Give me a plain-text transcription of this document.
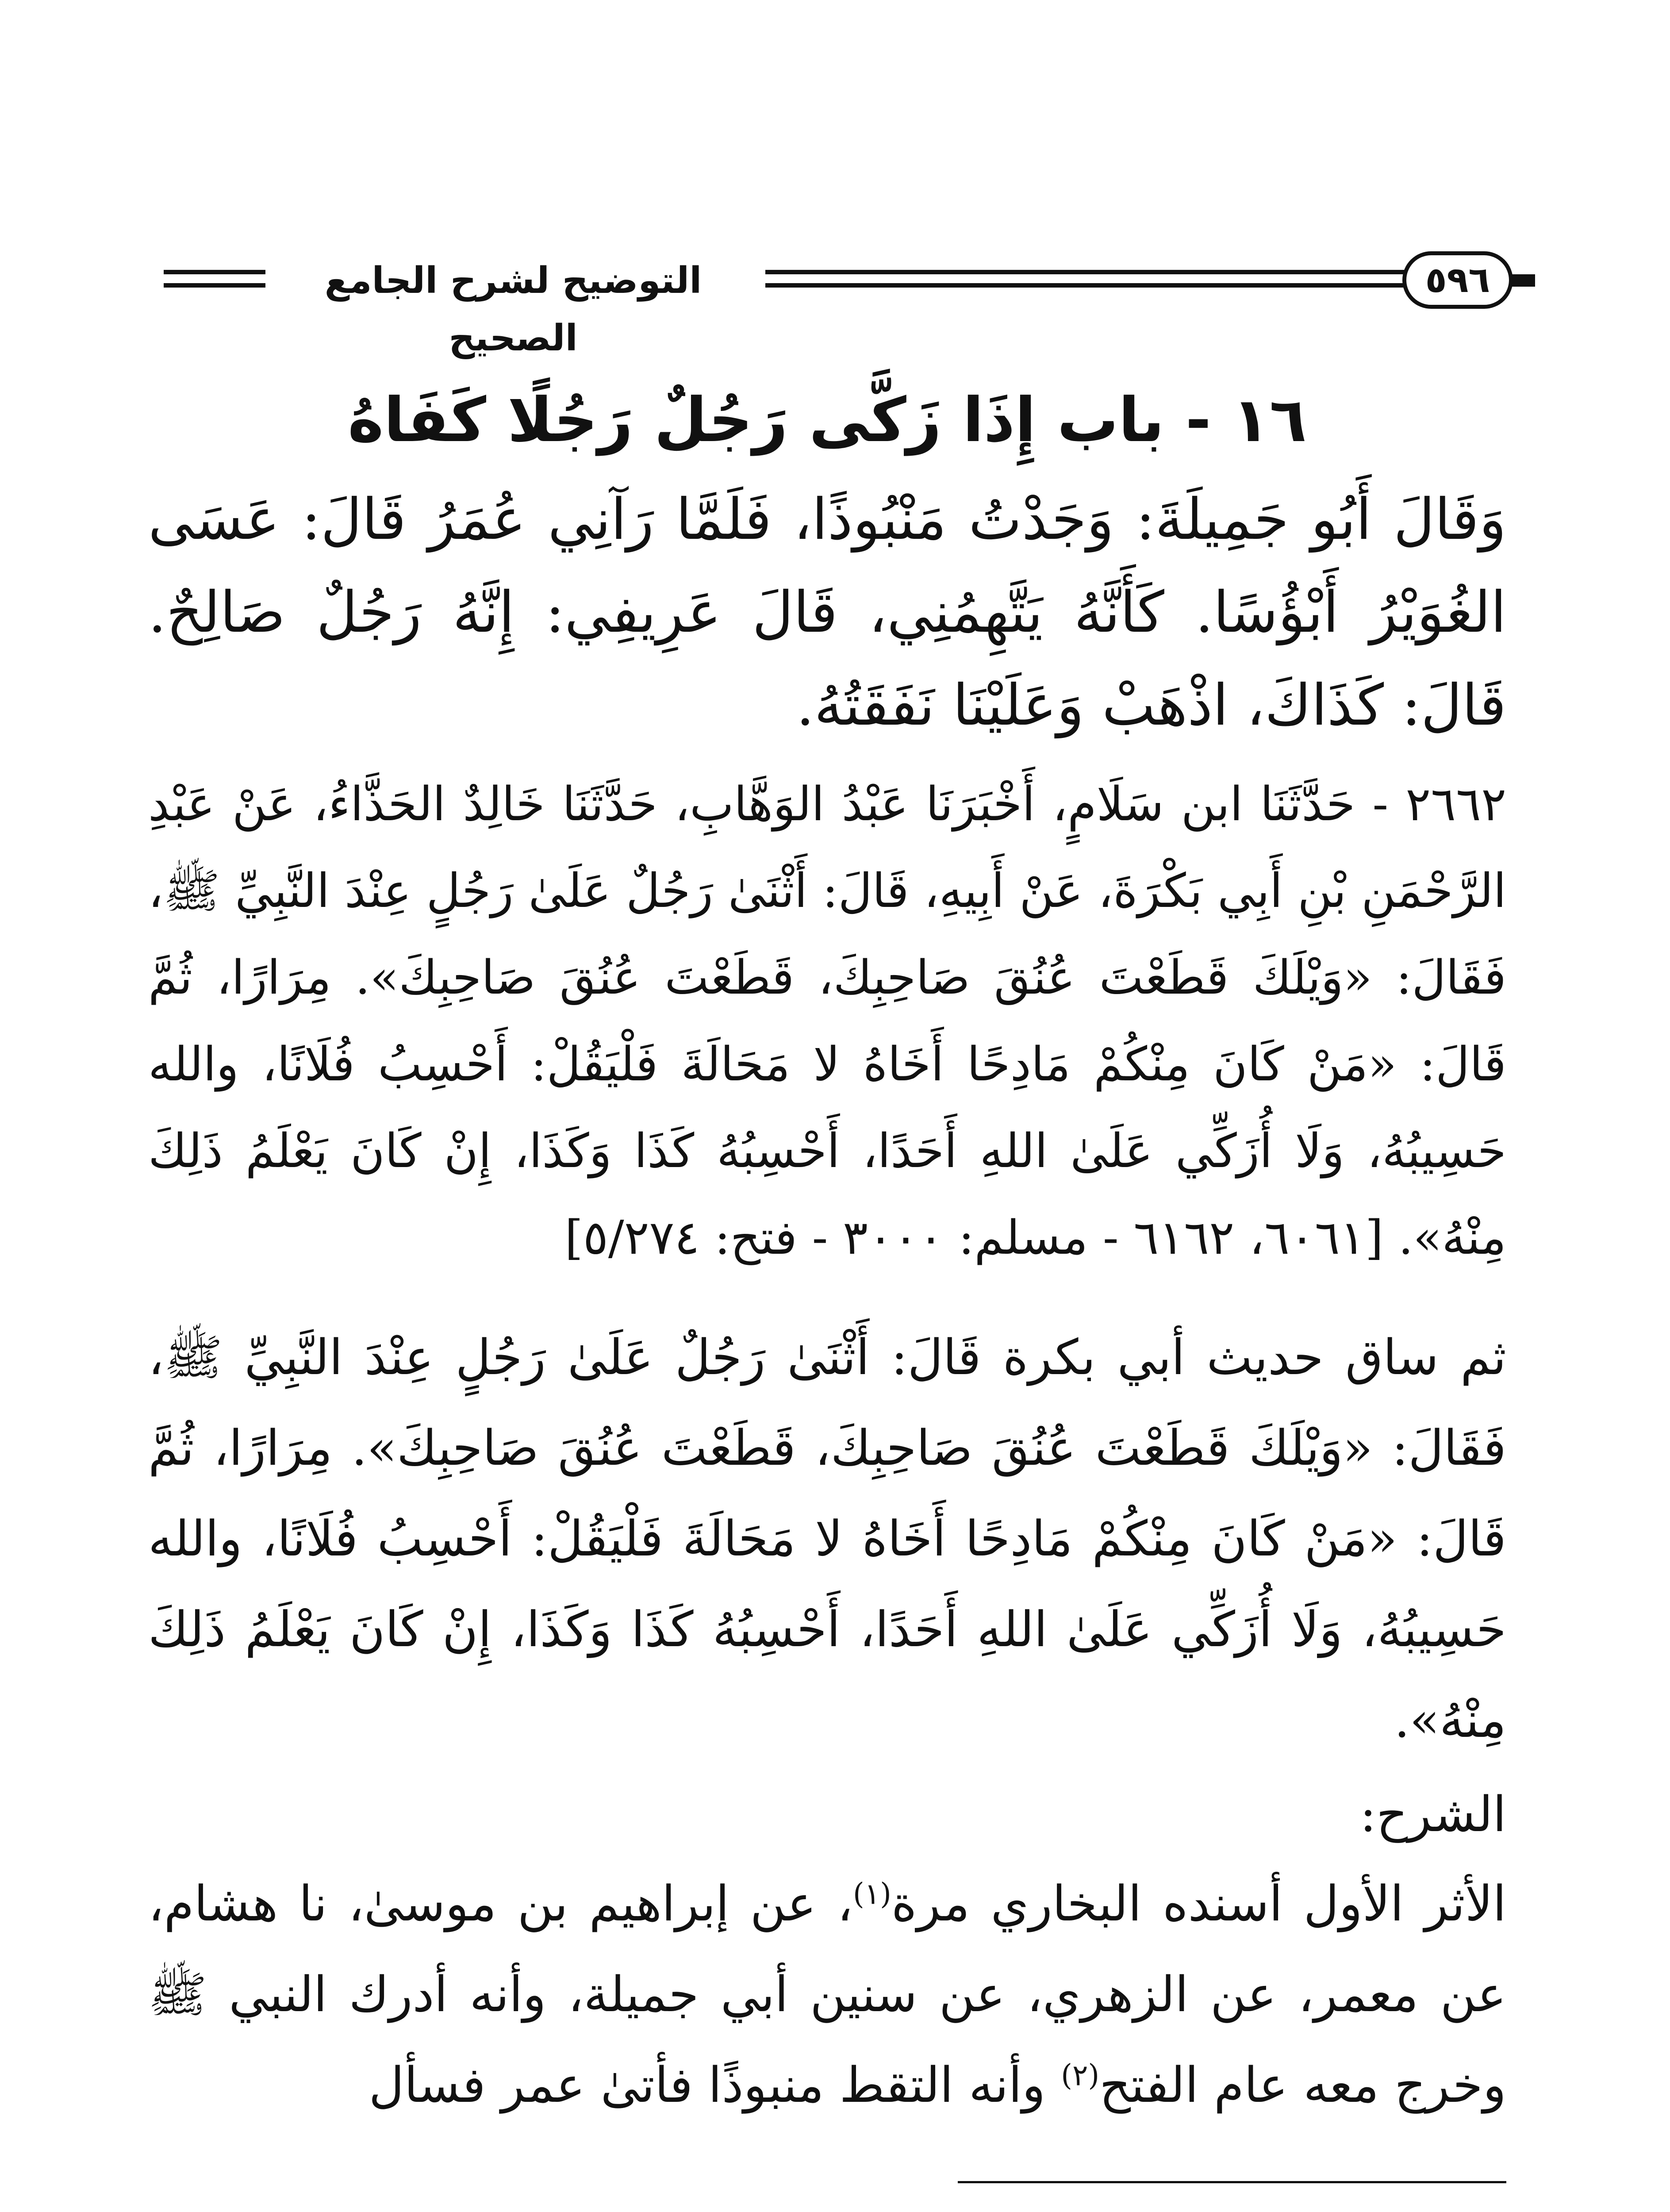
التوضيح لشرح الجامع الصحيح
٥٩٦
١٦ - باب إِذَا زَكَّى رَجُلٌ رَجُلًا كَفَاهُ

وَقَالَ أَبُو جَمِيلَةَ: وَجَدْتُ مَنْبُوذًا، فَلَمَّا رَآنِي عُمَرُ قَالَ: عَسَى الغُوَيْرُ أَبْؤُسًا. كَأَنَّهُ يَتَّهِمُنِي، قَالَ عَرِيفِي: إِنَّهُ رَجُلٌ صَالِحٌ. قَالَ: كَذَاكَ، اذْهَبْ وَعَلَيْنَا نَفَقَتُهُ.

٢٦٦٢ - حَدَّثَنَا ابن سَلَامٍ، أَخْبَرَنَا عَبْدُ الوَهَّابِ، حَدَّثَنَا خَالِدٌ الحَذَّاءُ، عَنْ عَبْدِ الرَّحْمَنِ بْنِ أَبِي بَكْرَةَ، عَنْ أَبِيهِ، قَالَ: أَثْنَىٰ رَجُلٌ عَلَىٰ رَجُلٍ عِنْدَ النَّبِيِّ ﷺ، فَقَالَ: «وَيْلَكَ قَطَعْتَ عُنُقَ صَاحِبِكَ، قَطَعْتَ عُنُقَ صَاحِبِكَ». مِرَارًا، ثُمَّ قَالَ: «مَنْ كَانَ مِنْكُمْ مَادِحًا أَخَاهُ لا مَحَالَةَ فَلْيَقُلْ: أَحْسِبُ فُلَانًا، والله حَسِيبُهُ، وَلَا أُزَكِّي عَلَىٰ اللهِ أَحَدًا، أَحْسِبُهُ كَذَا وَكَذَا، إِنْ كَانَ يَعْلَمُ ذَلِكَ مِنْهُ». [٦٠٦١، ٦١٦٢ - مسلم: ٣٠٠٠ - فتح: ٥/٢٧٤]

ثم ساق حديث أبي بكرة قَالَ: أَثْنَىٰ رَجُلٌ عَلَىٰ رَجُلٍ عِنْدَ النَّبِيِّ ﷺ، فَقَالَ: «وَيْلَكَ قَطَعْتَ عُنُقَ صَاحِبِكَ، قَطَعْتَ عُنُقَ صَاحِبِكَ». مِرَارًا، ثُمَّ قَالَ: «مَنْ كَانَ مِنْكُمْ مَادِحًا أَخَاهُ لا مَحَالَةَ فَلْيَقُلْ: أَحْسِبُ فُلَانًا، والله حَسِيبُهُ، وَلَا أُزَكِّي عَلَىٰ اللهِ أَحَدًا، أَحْسِبُهُ كَذَا وَكَذَا، إِنْ كَانَ يَعْلَمُ ذَلِكَ مِنْهُ».

الشرح:

الأثر الأول أسنده البخاري مرة$^{(١)}$، عن إبراهيم بن موسىٰ، نا هشام، عن معمر، عن الزهري، عن سنين أبي جميلة، وأنه أدرك النبي ﷺ وخرج معه عام الفتح$^{(٢)}$ وأنه التقط منبوذًا فأتىٰ عمر فسأل
